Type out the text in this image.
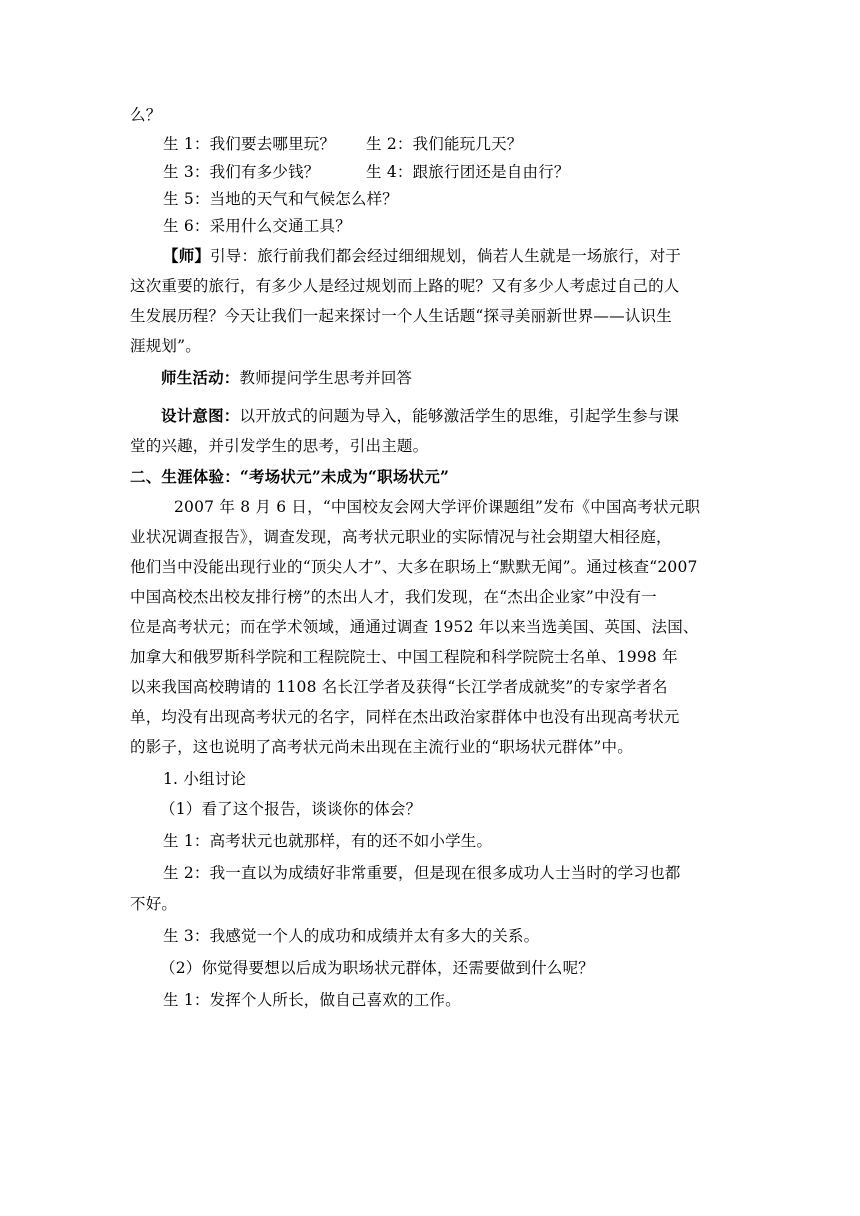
么？
生 1：我们要去哪里玩？ 生 2：我们能玩几天？
生 3：我们有多少钱？	生 4：跟旅行团还是自由行？
生 5：当地的天气和气候怎么样？
生 6：采用什么交通工具？
【师】引导：旅行前我们都会经过细细规划，倘若人生就是一场旅行，对于
这次重要的旅行，有多少人是经过规划而上路的呢？又有多少人考虑过自己的人
生发展历程？今天让我们一起来探讨一个人生话题“探寻美丽新世界——认识生
涯规划”。
师生活动：教师提问学生思考并回答
设计意图：以开放式的问题为导入，能够激活学生的思维，引起学生参与课
堂的兴趣，并引发学生的思考，引出主题。
二、生涯体验：“考场状元”未成为“职场状元”
2007 年 8 月 6 日，“中国校友会网大学评价课题组”发布《中国高考状元职
业状况调查报告》，调查发现，高考状元职业的实际情况与社会期望大相径庭，
他们当中没能出现行业的“顶尖人才”、大多在职场上“默默无闻”。通过核查“2007
中国高校杰出校友排行榜”的杰出人才，我们发现，在“杰出企业家”中没有一
位是高考状元；而在学术领域，通通过调查 1952 年以来当选美国、英国、法国、
加拿大和俄罗斯科学院和工程院院士、中国工程院和科学院院士名单、1998 年
以来我国高校聘请的 1108 名长江学者及获得“长江学者成就奖”的专家学者名
单，均没有出现高考状元的名字，同样在杰出政治家群体中也没有出现高考状元
的影子，这也说明了高考状元尚未出现在主流行业的“职场状元群体”中。
1. 小组讨论
（1）看了这个报告，谈谈你的体会？
生 1：高考状元也就那样，有的还不如小学生。
生 2：我一直以为成绩好非常重要，但是现在很多成功人士当时的学习也都
不好。
生 3：我感觉一个人的成功和成绩并太有多大的关系。
（2）你觉得要想以后成为职场状元群体，还需要做到什么呢？
生 1：发挥个人所长，做自己喜欢的工作。
